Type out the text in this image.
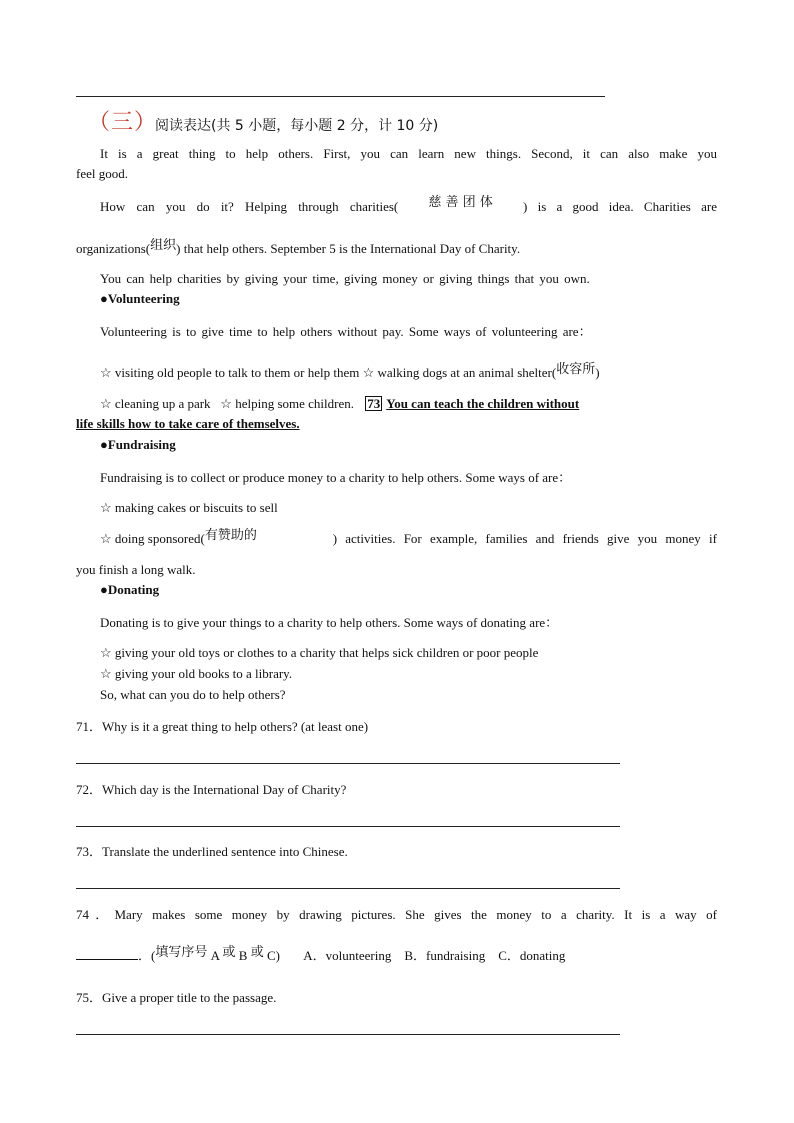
（三）
阅读表达(共 5 小题，每小题 2 分，计 10 分)
It is a great thing to help others. First, you can learn new things. Second, it can also make you
feel good.
How can you do it? Helping through charities( 慈 善 团 体 ) is a good idea. Charities are
organizations(组织) that help others. September 5 is the International Day of Charity.
You can help charities by giving your time, giving money or giving things that you own.
●Volunteering
Volunteering is to give time to help others without pay. Some ways of volunteering are：
☆ visiting old people to talk to them or help them ☆ walking dogs at an animal shelter(收容所)
☆ cleaning up a park   ☆ helping some children. 73 You can teach the children without
life skills how to take care of themselves.
●Fundraising
Fundraising is to collect or produce money to a charity to help others. Some ways of are：
☆ making cakes or biscuits to sell
☆ doing sponsored(有赞助的	) activities. For example, families and friends give you money if
you finish a long walk.
●Donating
Donating is to give your things to a charity to help others. Some ways of donating are：
☆ giving your old toys or clothes to a charity that helps sick children or poor people
☆ giving your old books to a library.
So, what can you do to help others?
71．Why is it a great thing to help others? (at least one)
72．Which day is the International Day of Charity?
73．Translate the underlined sentence into Chinese.
74．Mary makes some money by drawing pictures. She gives the money to a charity. It is a way of
．(填写序号 A 或 B 或 C) A．volunteering    B．fundraising    C．donating
75．Give a proper title to the passage.
